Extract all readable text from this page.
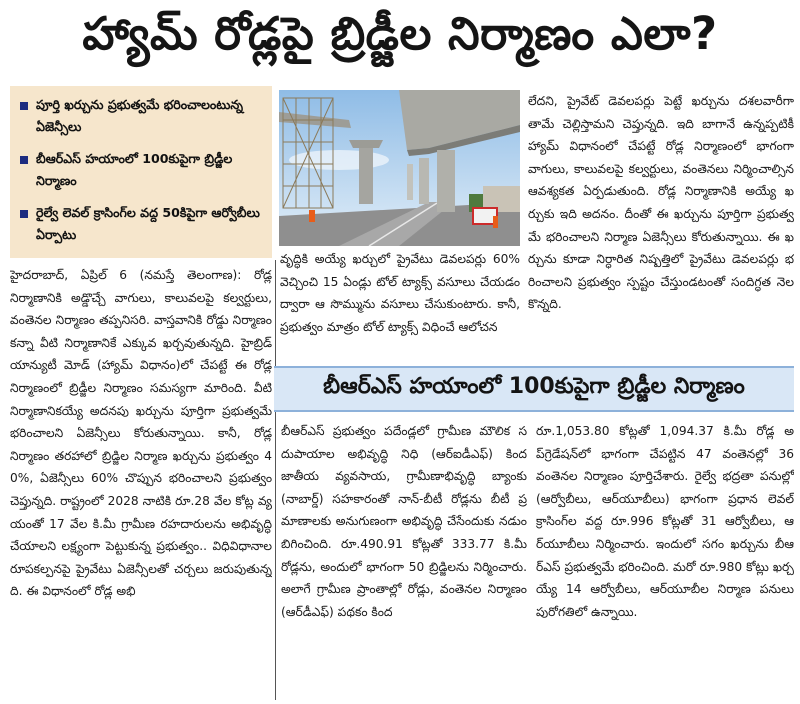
హ్యామ్ రోడ్లపై బ్రిడ్జీల నిర్మాణం ఎలా?
పూర్తి ఖర్చును ప్రభుత్వమే భరించాలంటున్న ఏజెన్సీలు
బీఆర్ఎస్ హయాంలో 100కుపైగా బ్రిడ్జీల నిర్మాణం
రైల్వే లెవల్ క్రాసింగ్‌ల వద్ద 50కిపైగా ఆర్వోబీలు ఏర్పాటు

హైదరాబాద్, ఏప్రిల్ 6 (నమస్తే తెలంగాణ): రోడ్ల నిర్మాణానికి అడ్డొచ్చే వాగులు, కాలువలపై కల్వర్టులు, వంతెనల నిర్మాణం తప్పనిసరి. వాస్తవానికి రోడ్డు నిర్మాణం కన్నా వీటి నిర్మాణానికే ఎక్కువ ఖర్చవుతున్నది. హైబ్రిడ్ యాన్యుటీ మోడ్ (హ్యామ్ విధానం)లో చేపట్టే ఈ రోడ్ల నిర్మాణంలో బ్రిడ్జీల నిర్మాణం సమస్యగా మారింది. వీటి నిర్మాణానికయ్యే అదనపు ఖర్చును పూర్తిగా ప్రభుత్వమే భరించాలని ఏజెన్సీలు కోరుతున్నాయి. కానీ, రోడ్ల నిర్మాణం తరహాలో బ్రిడ్జిల నిర్మాణ ఖర్చును ప్రభుత్వం 40%, ఏజెన్సీలు 60% చొప్పున భరించాలని ప్రభుత్వం చెప్తున్నది. రాష్ట్రంలో 2028 నాటికి రూ.28 వేల కోట్ల వ్యయంతో 17 వేల కి.మీ గ్రామీణ రహదారులను అభివృద్ధి చేయాలని లక్ష్యంగా పెట్టుకున్న ప్రభుత్వం.. విధివిధానాల రూపకల్పనపై ప్రైవేటు ఏజెన్సీలతో చర్చలు జరుపుతున్నది. ఈ విధానంలో రోడ్ల అభి

వృద్ధికి అయ్యే ఖర్చులో ప్రైవేటు డెవలపర్లు 60% వెచ్చించి 15 ఏండ్లు టోల్ ట్యాక్స్ వసూలు చేయడం ద్వారా ఆ సొమ్మును వసూలు చేసుకుంటారు. కానీ, ప్రభుత్వం మాత్రం టోల్ ట్యాక్స్ విధించే ఆలోచన

లేదని, ప్రైవేట్ డెవలపర్లు పెట్టే ఖర్చును దశలవారీగా తామే చెల్లిస్తామని చెప్తున్నది. ఇది బాగానే ఉన్నప్పటికీ హ్యామ్ విధానంలో చేపట్టే రోడ్ల నిర్మాణంలో భాగంగా వాగులు, కాలువలపై కల్వర్టులు, వంతెనలు నిర్మించాల్సిన ఆవశ్యకత ఏర్పడుతుంది. రోడ్ల నిర్మాణానికి అయ్యే ఖర్చుకు ఇది అదనం. దీంతో ఈ ఖర్చును పూర్తిగా ప్రభుత్వమే భరించాలని నిర్మాణ ఏజెన్సీలు కోరుతున్నాయి. ఈ ఖర్చును కూడా నిర్ధారిత నిష్పత్తిలో ప్రైవేటు డెవలపర్లు భరించాలని ప్రభుత్వం స్పష్టం చేస్తుండటంతో సందిగ్ధత నెలకొన్నది.

బీఆర్ఎస్ హయాంలో 100కుపైగా బ్రిడ్జీల నిర్మాణం

బీఆర్ఎస్ ప్రభుత్వం పదేండ్లలో గ్రామీణ మౌలిక సదుపాయాల అభివృద్ధి నిధి (ఆర్ఐడీఎఫ్) కింద జాతీయ వ్యవసాయ, గ్రామీణాభివృద్ధి బ్యాంకు (నాబార్డ్) సహకారంతో నాన్-బీటీ రోడ్లను బీటీ ప్రమాణాలకు అనుగుణంగా అభివృద్ధి చేసేందుకు నడుం బిగించింది. రూ.490.91 కోట్లతో 333.77 కి.మీ రోడ్లను, అందులో భాగంగా 50 బ్రిడ్జిలను నిర్మించారు. అలాగే గ్రామీణ ప్రాంతాల్లో రోడ్లు, వంతెనల నిర్మాణం (ఆర్‌డీఎఫ్) పథకం కింద

రూ.1,053.80 కోట్లతో 1,094.37 కి.మీ రోడ్ల అప్‌గ్రెడేషన్‌లో భాగంగా చేపట్టిన 47 వంతెనల్లో 36 వంతెనల నిర్మాణం పూర్తిచేశారు. రైల్వే భద్రతా పనుల్లో (ఆర్వోబీలు, ఆర్‌యూబీలు) భాగంగా ప్రధాన లెవల్ క్రాసింగ్‌ల వద్ద రూ.996 కోట్లతో 31 ఆర్వోబీలు, ఆర్‌యూబీలు నిర్మించారు. ఇందులో సగం ఖర్చును బీఆర్ఎస్ ప్రభుత్వమే భరించింది. మరో రూ.980 కోట్లు ఖర్చయ్యే 14 ఆర్వోబీలు, ఆర్‌యూబీల నిర్మాణ పనులు పురోగతిలో ఉన్నాయి.
